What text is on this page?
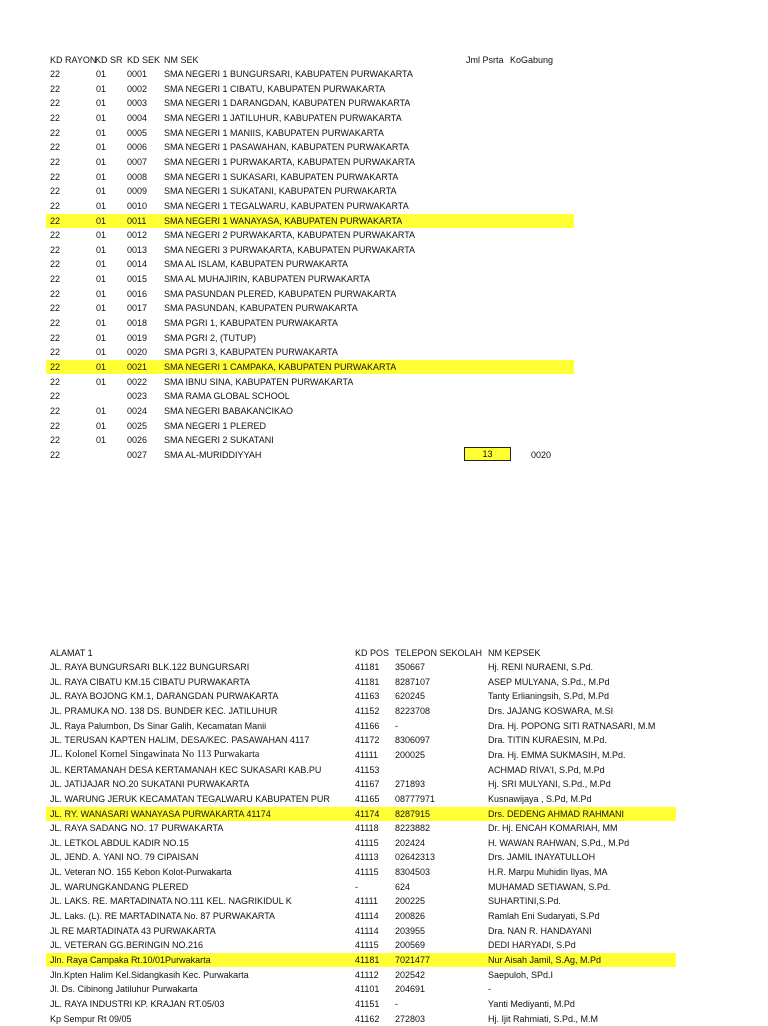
KD RAYON
KD SR KD SEK NM SEK	Jml Psrta KoGabung
22	01 0001 SMA NEGERI 1 BUNGURSARI, KABUPATEN PURWAKARTA
22	01 0002 SMA NEGERI 1 CIBATU, KABUPATEN PURWAKARTA
22	01 0003 SMA NEGERI 1 DARANGDAN, KABUPATEN PURWAKARTA
22	01 0004 SMA NEGERI 1 JATILUHUR, KABUPATEN PURWAKARTA
22	01 0005 SMA NEGERI 1 MANIIS, KABUPATEN PURWAKARTA
22	01 0006 SMA NEGERI 1 PASAWAHAN, KABUPATEN PURWAKARTA
22	01 0007 SMA NEGERI 1 PURWAKARTA, KABUPATEN PURWAKARTA
22	01 0008 SMA NEGERI 1 SUKASARI, KABUPATEN PURWAKARTA
22	01 0009 SMA NEGERI 1 SUKATANI, KABUPATEN PURWAKARTA
22	01 0010 SMA NEGERI 1 TEGALWARU, KABUPATEN PURWAKARTA
22	01 0011 SMA NEGERI 1 WANAYASA, KABUPATEN PURWAKARTA
22	01 0012 SMA NEGERI 2 PURWAKARTA, KABUPATEN PURWAKARTA
22	01 0013 SMA NEGERI 3 PURWAKARTA, KABUPATEN PURWAKARTA
22	01 0014 SMA AL ISLAM, KABUPATEN PURWAKARTA
22	01 0015 SMA AL MUHAJIRIN, KABUPATEN PURWAKARTA
22	01 0016 SMA PASUNDAN PLERED, KABUPATEN PURWAKARTA
22	01 0017 SMA PASUNDAN, KABUPATEN PURWAKARTA
22	01 0018 SMA PGRI 1, KABUPATEN PURWAKARTA
22	01 0019 SMA PGRI 2, (TUTUP)
22	01 0020 SMA PGRI 3, KABUPATEN PURWAKARTA
22	01 0021 SMA NEGERI 1 CAMPAKA, KABUPATEN PURWAKARTA
22	01 0022 SMA IBNU SINA, KABUPATEN PURWAKARTA
22	0023 SMA RAMA GLOBAL SCHOOL
22	01 0024 SMA NEGERI BABAKANCIKAO
22	01 0025 SMA NEGERI 1 PLERED
22	01 0026 SMA NEGERI 2 SUKATANI
22	0027 SMA AL-MURIDDIYYAH	13	0020
ALAMAT 1	KD POS TELEPON SEKOLAH NM KEPSEK
JL. RAYA BUNGURSARI BLK.122 BUNGURSARI	41181 350667	Hj. RENI NURAENI, S.Pd.
JL. RAYA CIBATU KM.15 CIBATU PURWAKARTA	41181 8287107	ASEP MULYANA, S.Pd., M.Pd
JL. RAYA BOJONG KM.1, DARANGDAN PURWAKARTA	41163 620245	Tanty Erlianingsih, S.Pd, M.Pd
JL. PRAMUKA NO. 138 DS. BUNDER KEC. JATILUHUR	41152 8223708	Drs. JAJANG KOSWARA, M.SI
JL. Raya Palumbon, Ds Sinar Galih, Kecamatan Manii	41166 -	Dra. Hj. POPONG SITI RATNASARI, M.M
JL. TERUSAN KAPTEN HALIM, DESA/KEC. PASAWAHAN 4117	41172 8306097	Dra. TITIN KURAESIN, M.Pd.
JL. Kolonel Kornel Singawinata No 113 Purwakarta	41111 200025	Dra. Hj. EMMA SUKMASIH, M.Pd.
JL. KERTAMANAH DESA KERTAMANAH KEC SUKASARI KAB.PU	41153	ACHMAD RIVA'I, S.Pd, M.Pd
JL. JATIJAJAR NO.20 SUKATANI PURWAKARTA	41167 271893	Hj. SRI MULYANI, S.Pd., M.Pd
JL. WARUNG JERUK KECAMATAN TEGALWARU KABUPATEN PUR	41165 08777971	Kusnawijaya , S.Pd, M.Pd
JL. RY. WANASARI WANAYASA PURWAKARTA 41174	41174 8287915	Drs. DEDENG AHMAD RAHMANI
JL. RAYA SADANG NO. 17 PURWAKARTA	41118 8223882	Dr. Hj. ENCAH KOMARIAH, MM
JL. LETKOL ABDUL KADIR NO.15	41115 202424	H. WAWAN RAHWAN, S.Pd., M.Pd
JL. JEND. A. YANI NO. 79 CIPAISAN	41113 02642313	Drs. JAMIL INAYATULLOH
JL. Veteran NO. 155 Kebon Kolot-Purwakarta	41115 8304503	H.R. Marpu Muhidin Ilyas, MA
JL. WARUNGKANDANG PLERED	-	624	MUHAMAD SETIAWAN, S.Pd.
JL. LAKS. RE. MARTADINATA NO.111 KEL. NAGRIKIDUL K	41111 200225	SUHARTINI,S.Pd.
JL. Laks. (L). RE MARTADINATA No. 87 PURWAKARTA	41114 200826	Ramlah Eni Sudaryati, S.Pd
JL RE MARTADINATA 43 PURWAKARTA	41114 203955	Dra. NAN R. HANDAYANI
JL. VETERAN GG.BERINGIN NO.216	41115 200569	DEDI HARYADI, S.Pd
Jln. Raya Campaka Rt.10/01Purwakarta	41181 7021477	Nur Aisah Jamil, S.Ag, M.Pd
Jln.Kpten Halim Kel.Sidangkasih Kec. Purwakarta	41112 202542	Saepuloh, SPd.I
Jl. Ds. Cibinong Jatiluhur Purwakarta	41101 204691	-
JL. RAYA INDUSTRI KP. KRAJAN RT.05/03	41151 -	Yanti Mediyanti, M.Pd
Kp Sempur Rt 09/05	41162 272803	Hj. Ijit Rahmiati, S.Pd., M.M
